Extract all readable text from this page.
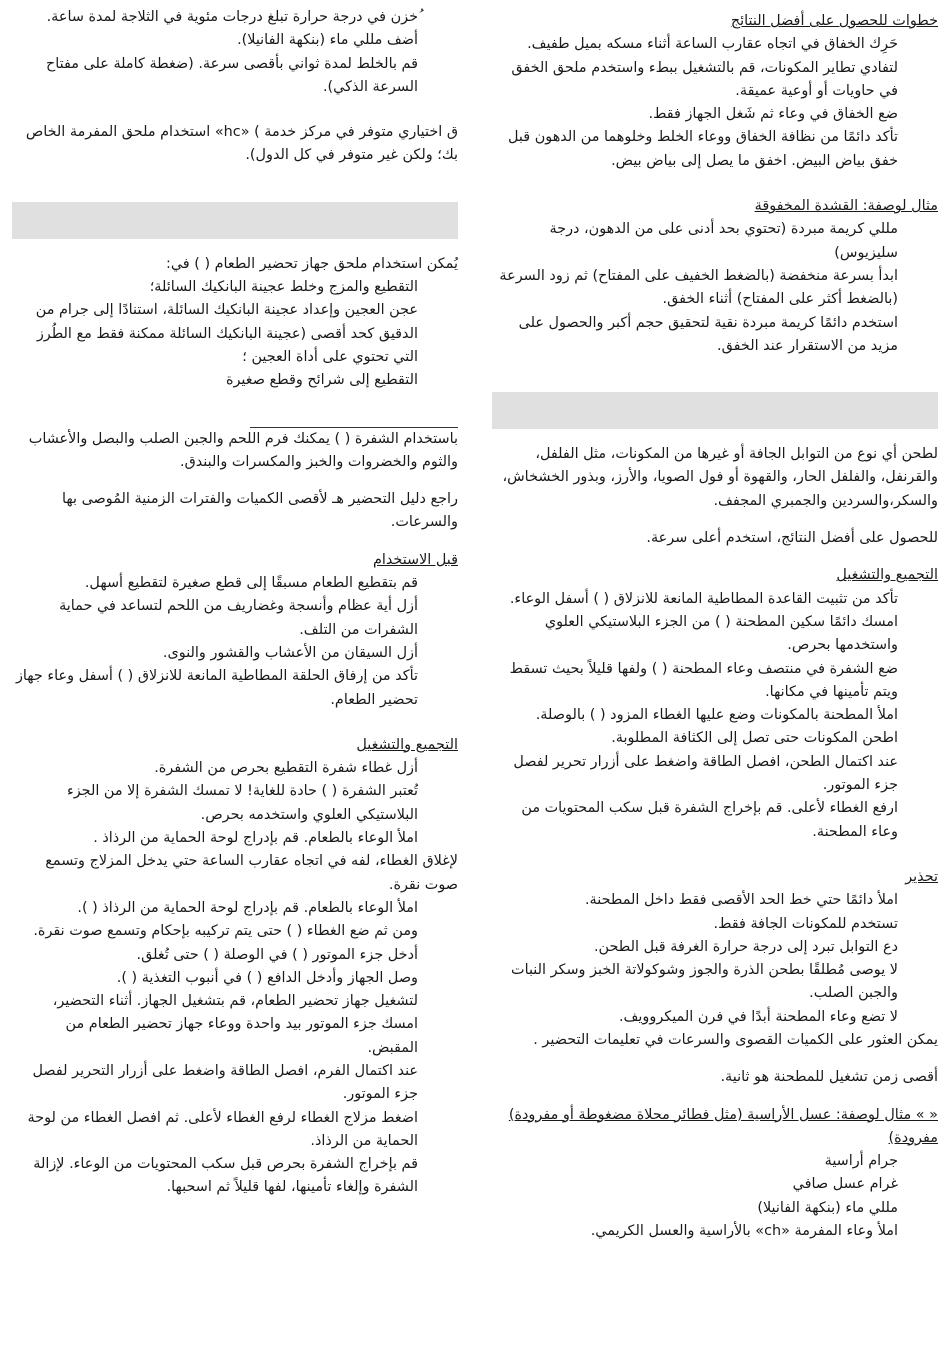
خطوات للحصول على أفضل النتائج

حَرِك الخفاق في اتجاه عقارب الساعة أثناء مسكه بميل طفيف.

لتفادي تطاير المكونات، قم بالتشغيل ببطء واستخدم ملحق الخفق في حاويات أو أوعية عميقة.

ضع الخفاق في وعاء ثم شَغل الجهاز فقط.

تأكد دائمًا من نظافة الخفاق ووعاء الخلط وخلوهما من الدهون قبل خفق بياض البيض. اخفق ما يصل إلى بياض بيض.

مثال لوصفة: القشدة المخفوقة

مللي كريمة مبردة (تحتوي بحد أدنى على من الدهون، درجة سليزيوس)

ابدأ بسرعة منخفضة (بالضغط الخفيف على المفتاح) ثم زود السرعة (بالضغط أكثر على المفتاح) أثناء الخفق.

استخدم دائمًا كريمة مبردة نقية لتحقيق حجم أكبر والحصول على مزيد من الاستقرار عند الخفق.

لطحن أي نوع من التوابل الجافة أو غيرها من المكونات، مثل الفلفل، والقرنفل، والفلفل الحار، والقهوة أو فول الصويا، والأرز، وبذور الخشخاش، والسكر،والسردين والجمبري المجفف.

للحصول على أفضل النتائج، استخدم أعلى سرعة.

التجميع والتشغيل

تأكد من تثبيت القاعدة المطاطية المانعة للانزلاق ( ) أسفل الوعاء.

امسك دائمًا سكين المطحنة ( ) من الجزء البلاستيكي العلوي واستخدمها بحرص.

ضع الشفرة في منتصف وعاء المطحنة ( ) ولفها قليلاً بحيث تسقط ويتم تأمينها في مكانها.

املأ المطحنة بالمكونات وضع عليها الغطاء المزود ( ) بالوصلة.

اطحن المكونات حتى تصل إلى الكثافة المطلوبة.

عند اكتمال الطحن، افصل الطاقة واضغط على أزرار تحرير لفصل جزء الموتور.

ارفع الغطاء لأعلى. قم بإخراج الشفرة قبل سكب المحتويات من وعاء المطحنة.

تحذير

املأ دائمًا حتي خط الحد الأقصى فقط داخل المطحنة.

تستخدم للمكونات الجافة فقط.

دع التوابل تبرد إلى درجة حرارة الغرفة قبل الطحن.

لا يوصى مُطلقًا بطحن الذرة والجوز وشوكولاتة الخبز وسكر النبات والجبن الصلب.

لا تضع وعاء المطحنة أبدًا في فرن الميكروويف.

يمكن العثور على الكميات القصوى والسرعات في تعليمات التحضير .

أقصى زمن تشغيل للمطحنة هو ثانية.

« » مثال لوصفة: عسل الأراسية (مثل فطائر محلاة مضغوطة أو مفرودة) مفرودة)

جرام أراسية

غرام عسل صافي

مللي ماء (بنكهة الفانيلا)

املأ وعاء المفرمة «ch» بالأراسية والعسل الكريمي.

ُخزن في درجة حرارة تبلغ درجات مئوية في الثلاجة لمدة ساعة.

أضف مللي ماء (بنكهة الفانيلا).

قم بالخلط لمدة ثواني بأقصى سرعة. (ضغطة كاملة على مفتاح السرعة الذكي).

ق اختياري متوفر في مركز خدمة ) «hc» استخدام ملحق المفرمة الخاص بك؛ ولكن غير متوفر في كل الدول).

يُمكن استخدام ملحق جهاز تحضير الطعام ( ) في:

التقطيع والمزج وخلط عجينة البانكيك السائلة؛

عجن العجين وإعداد عجينة البانكيك السائلة، استنادًا إلى جرام من الدقيق كحد أقصى (عجينة البانكيك السائلة ممكنة فقط مع الطُرز التي تحتوي على أداة العجين ؛

التقطيع إلى شرائح وقطع صغيرة

باستخدام الشفرة ( ) يمكنك فرم اللحم والجبن الصلب والبصل والأعشاب والثوم والخضروات والخبز والمكسرات والبندق.

راجع دليل التحضير هـ لأقصى الكميات والفترات الزمنية المُوصى بها والسرعات.

قبل الاستخدام

قم بتقطيع الطعام مسبقًا إلى قطع صغيرة لتقطيع أسهل.

أزل أية عظام وأنسجة وغضاريف من اللحم لتساعد في حماية الشفرات من التلف.

أزل السيقان من الأعشاب والقشور والنوى.

تأكد من إرفاق الحلقة المطاطية المانعة للانزلاق ( ) أسفل وعاء جهاز تحضير الطعام.

التجميع والتشغيل

أزل غطاء شفرة التقطيع بحرص من الشفرة.

تُعتبر الشفرة ( ) حادة للغاية! لا تمسك الشفرة إلا من الجزء البلاستيكي العلوي واستخدمه بحرص.

املأ الوعاء بالطعام. قم بإدراج لوحة الحماية من الرذاذ .

لإغلاق الغطاء، لفه في اتجاه عقارب الساعة حتي يدخل المزلاج وتسمع صوت نقرة.

املأ الوعاء بالطعام. قم بإدراج لوحة الحماية من الرذاذ ( ).

ومن ثم ضع الغطاء ( ) حتى يتم تركيبه بإحكام وتسمع صوت نقرة.

أدخل جزء الموتور ( ) في الوصلة ( ) حتى تُغلق.

وصل الجهاز وأدخل الدافع ( ) في أنبوب التغذية ( ).

لتشغيل جهاز تحضير الطعام، قم بتشغيل الجهاز. أثناء التحضير، امسك جزء الموتور بيد واحدة ووعاء جهاز تحضير الطعام من المقبض.

عند اكتمال الفرم، افصل الطاقة واضغط على أزرار التحرير لفصل جزء الموتور.

اضغط مزلاج الغطاء لرفع الغطاء لأعلى. ثم افصل الغطاء من لوحة الحماية من الرذاذ.

قم بإخراج الشفرة بحرص قبل سكب المحتويات من الوعاء. لإزالة الشفرة وإلغاء تأمينها، لفها قليلاً ثم اسحبها.
